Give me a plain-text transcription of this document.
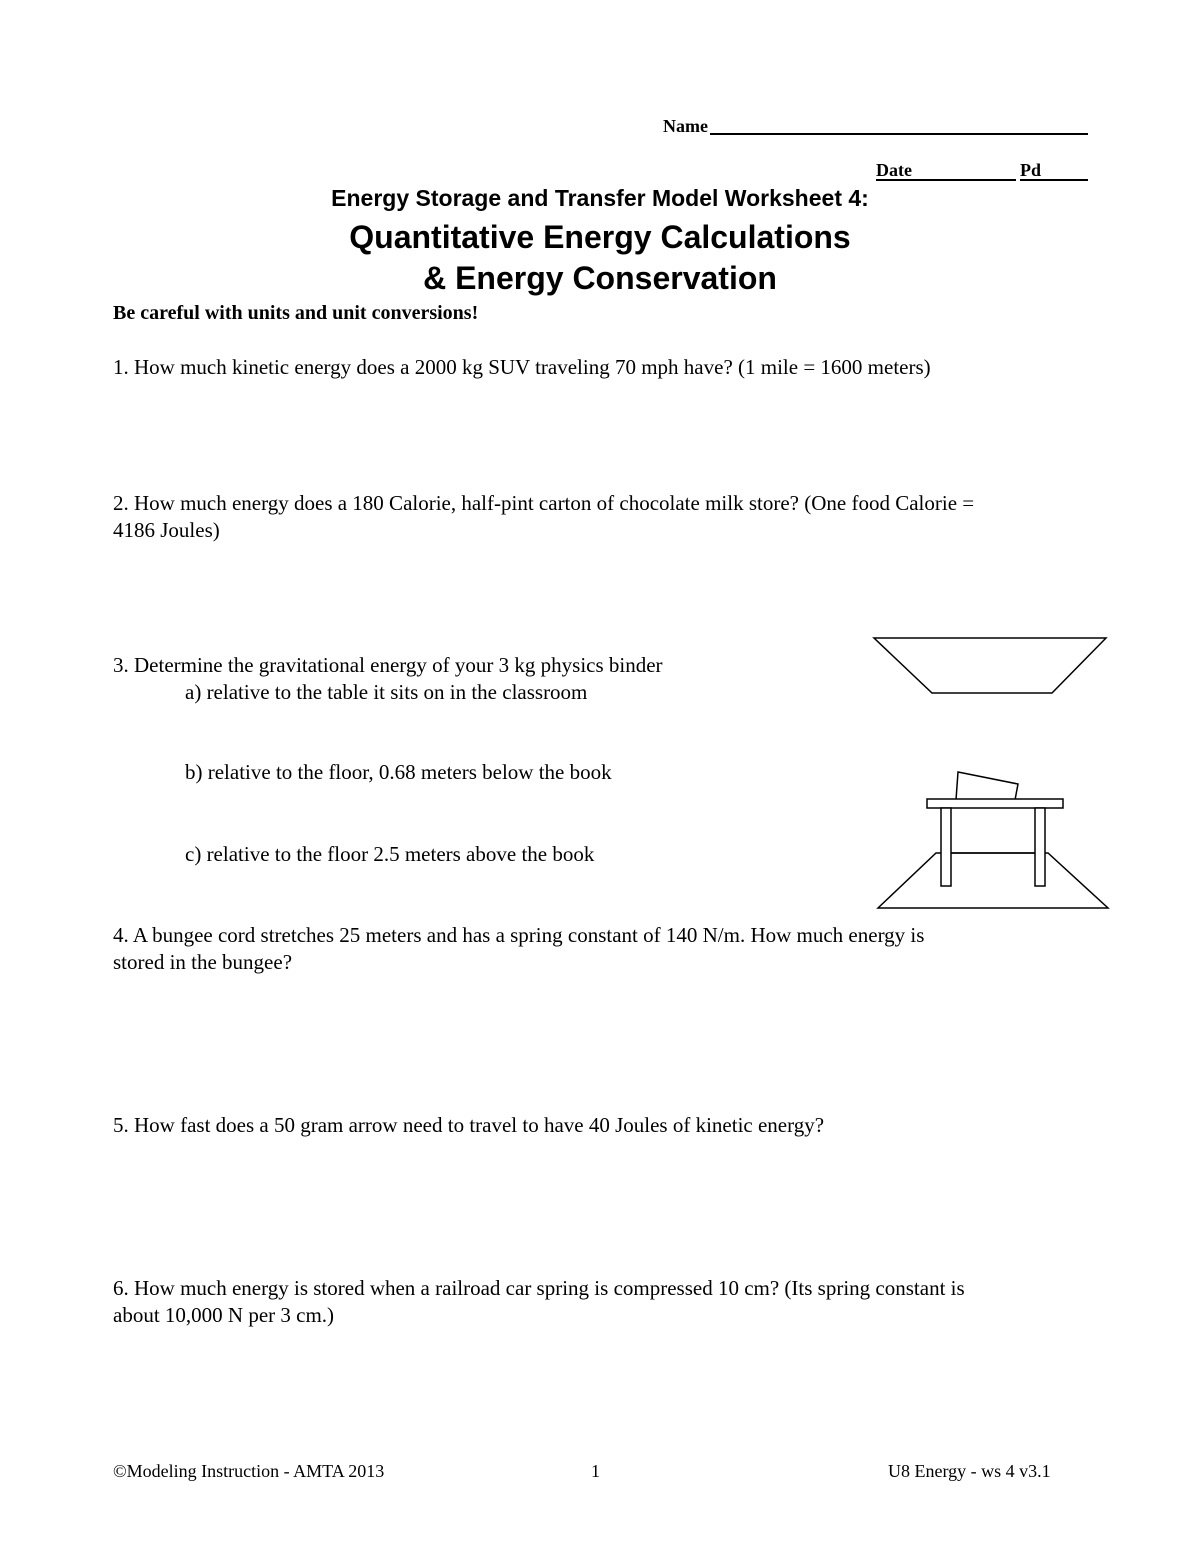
Name
Date	Pd
Energy Storage and Transfer Model Worksheet 4:
Quantitative Energy Calculations
& Energy Conservation
Be careful with units and unit conversions!
1. How much kinetic energy does a 2000 kg SUV traveling 70 mph have? (1 mile = 1600 meters)
2. How much energy does a 180 Calorie, half-pint carton of chocolate milk store? (One food Calorie =
4186 Joules)
3. Determine the gravitational energy of your 3 kg physics binder
a) relative to the table it sits on in the classroom
b) relative to the floor, 0.68 meters below the book
c) relative to the floor 2.5 meters above the book
4. A bungee cord stretches 25 meters and has a spring constant of 140 N/m. How much energy is
stored in the bungee?
5. How fast does a 50 gram arrow need to travel to have 40 Joules of kinetic energy?
6. How much energy is stored when a railroad car spring is compressed 10 cm? (Its spring constant is
about 10,000 N per 3 cm.)
©Modeling Instruction - AMTA 2013	1	U8 Energy - ws 4 v3.1
